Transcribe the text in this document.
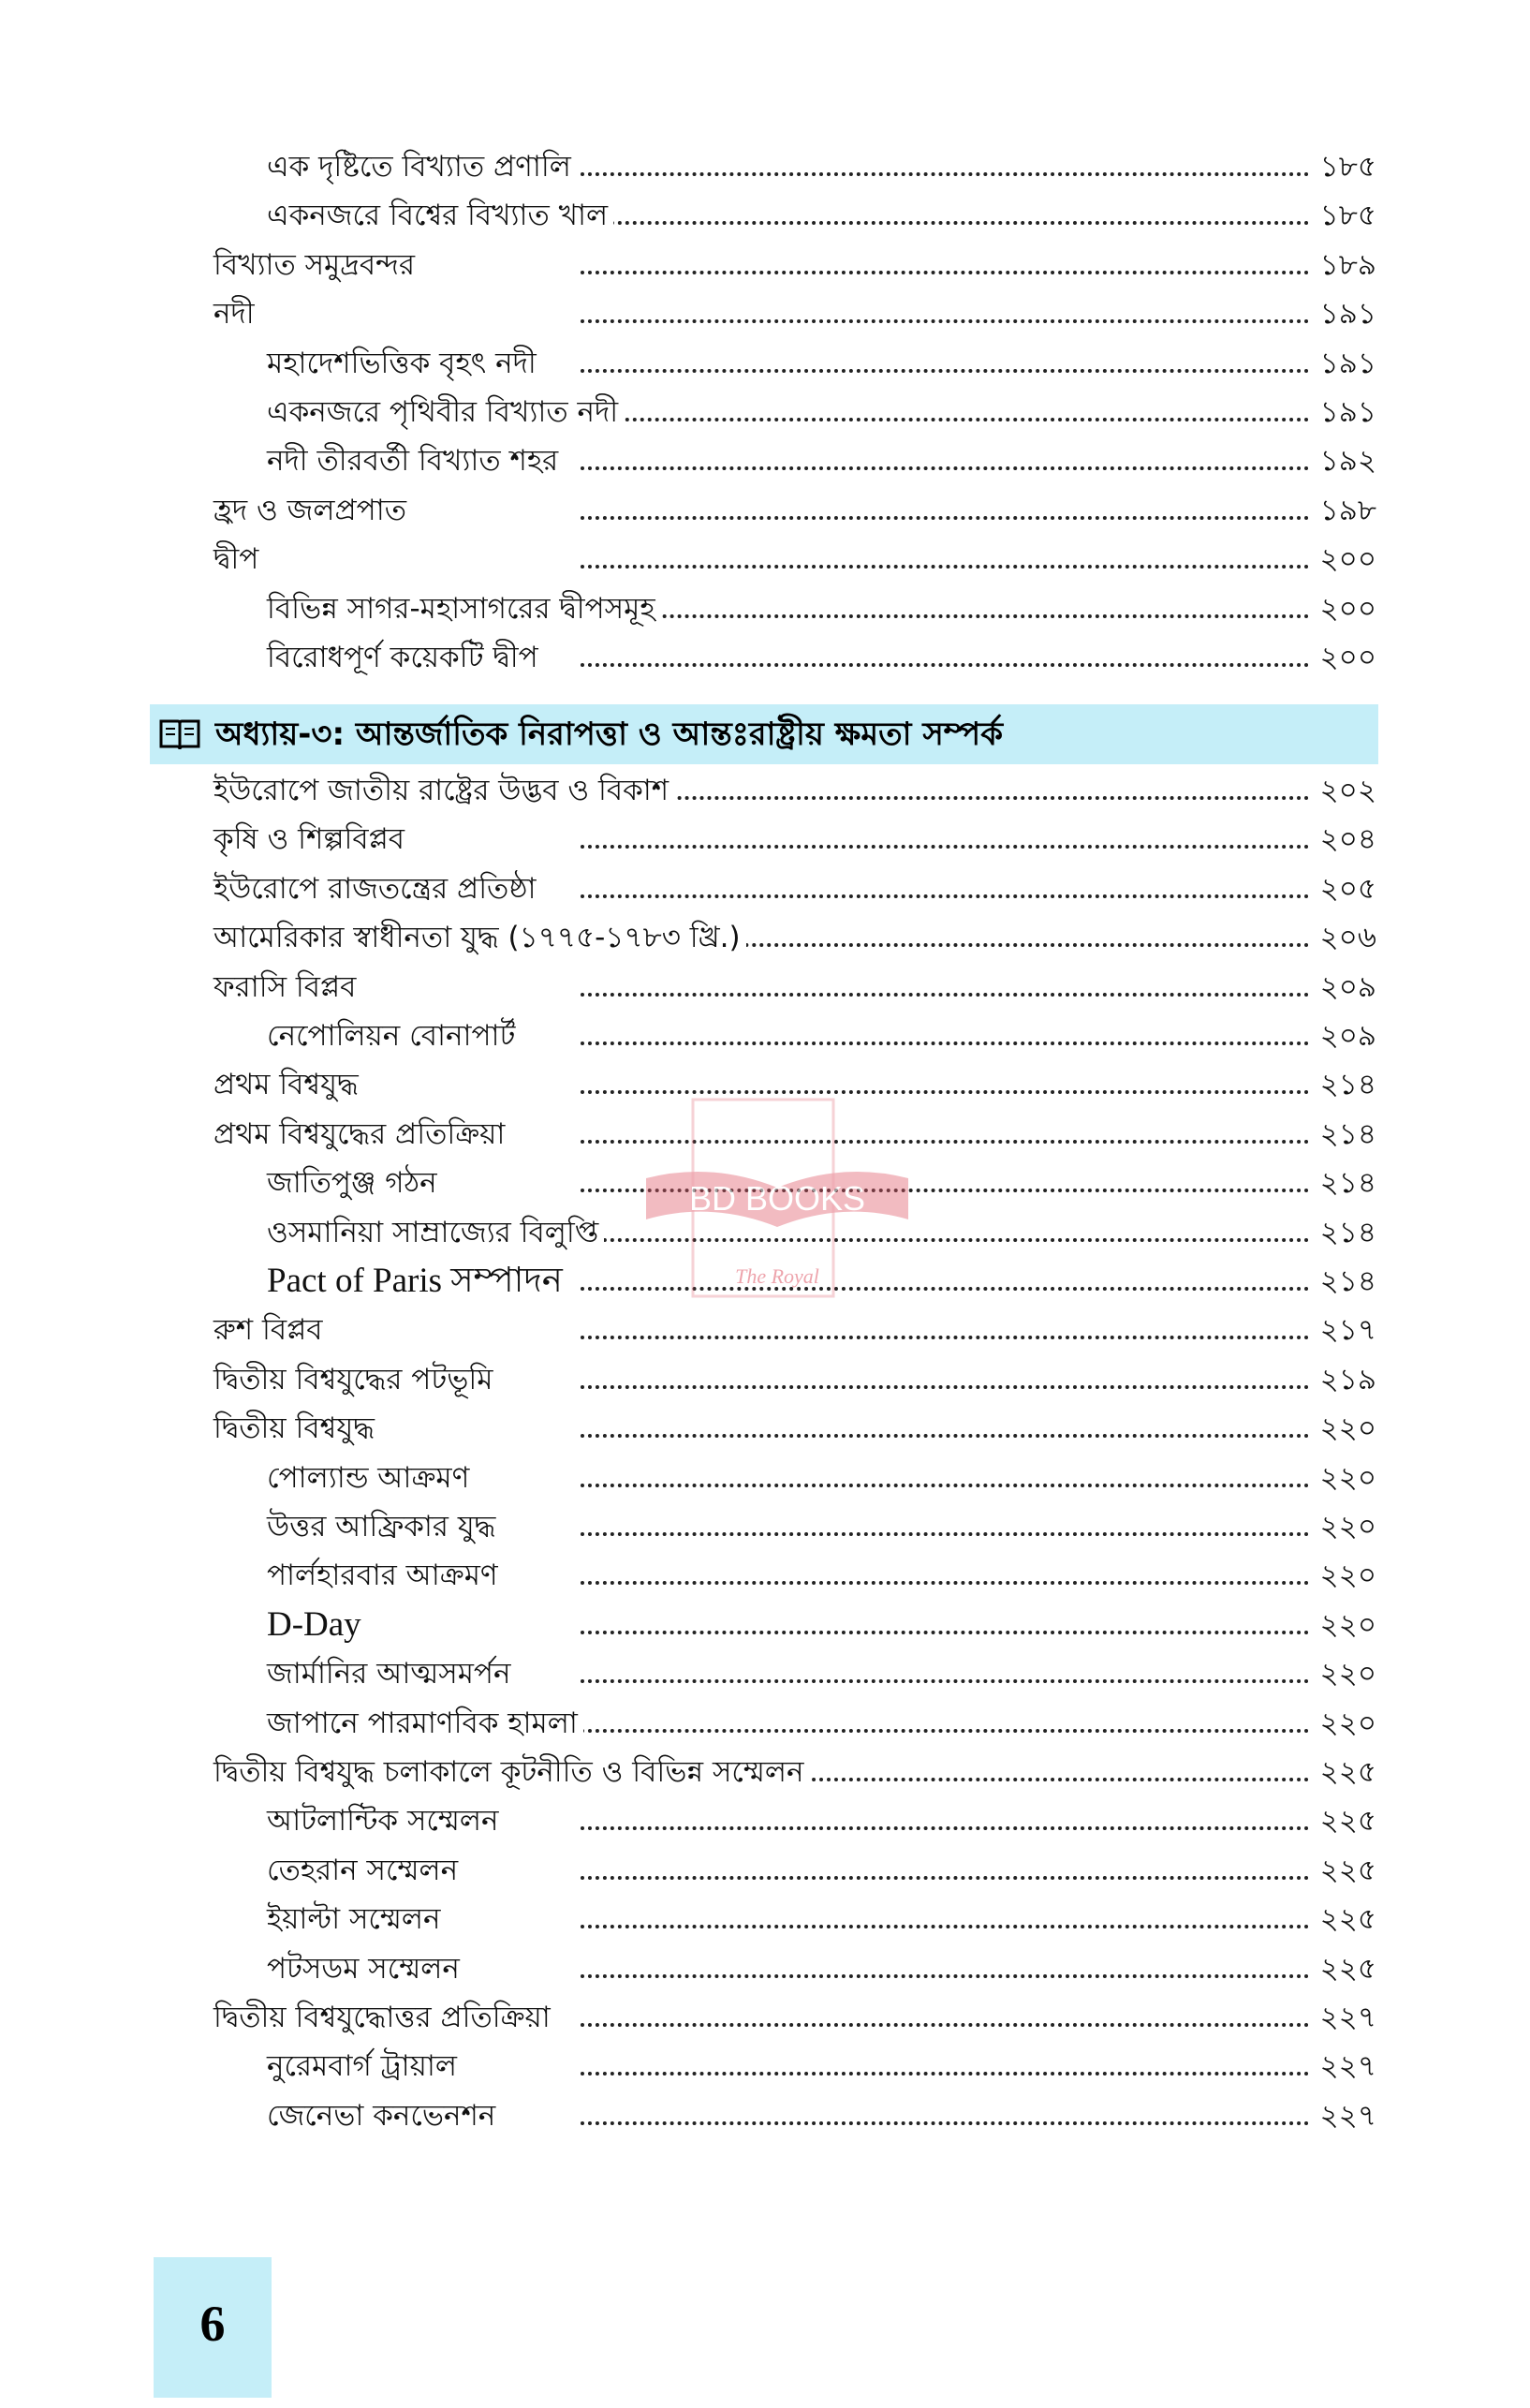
এক দৃষ্টিতে বিখ্যাত প্রণালি	১৮৫
একনজরে বিশ্বের বিখ্যাত খাল	১৮৫
বিখ্যাত সমুদ্রবন্দর	১৮৯
নদী	১৯১
মহাদেশভিত্তিক বৃহৎ নদী	১৯১
একনজরে পৃথিবীর বিখ্যাত নদী	১৯১
নদী তীরবর্তী বিখ্যাত শহর	১৯২
হ্রদ ও জলপ্রপাত	১৯৮
দ্বীপ	২০০
বিভিন্ন সাগর-মহাসাগরের দ্বীপসমূহ	২০০
বিরোধপূর্ণ কয়েকটি দ্বীপ	২০০
ইউরোপে জাতীয় রাষ্ট্রের উদ্ভব ও বিকাশ	২০২
কৃষি ও শিল্পবিপ্লব	২০৪
ইউরোপে রাজতন্ত্রের প্রতিষ্ঠা	২০৫
আমেরিকার স্বাধীনতা যুদ্ধ (১৭৭৫-১৭৮৩ খ্রি.)	২০৬
ফরাসি বিপ্লব	২০৯
নেপোলিয়ন বোনাপার্ট	২০৯
প্রথম বিশ্বযুদ্ধ	২১৪
প্রথম বিশ্বযুদ্ধের প্রতিক্রিয়া	২১৪
জাতিপুঞ্জ গঠন	২১৪
ওসমানিয়া সাম্রাজ্যের বিলুপ্তি	২১৪
Pact of Paris সম্পাদন	২১৪
রুশ বিপ্লব	২১৭
দ্বিতীয় বিশ্বযুদ্ধের পটভূমি	২১৯
দ্বিতীয় বিশ্বযুদ্ধ	২২০
পোল্যান্ড আক্রমণ	২২০
উত্তর আফ্রিকার যুদ্ধ	২২০
পার্লহারবার আক্রমণ	২২০
D-Day	২২০
জার্মানির আত্মসমর্পন	২২০
জাপানে পারমাণবিক হামলা	২২০
দ্বিতীয় বিশ্বযুদ্ধ চলাকালে কূটনীতি ও বিভিন্ন সম্মেলন	২২৫
আটলান্টিক সম্মেলন	২২৫
তেহরান সম্মেলন	২২৫
ইয়াল্টা সম্মেলন	২২৫
পটসডম সম্মেলন	২২৫
দ্বিতীয় বিশ্বযুদ্ধোত্তর প্রতিক্রিয়া	২২৭
নুরেমবার্গ ট্রায়াল	২২৭
জেনেভা কনভেনশন	২২৭
অধ্যায়-৩: আন্তর্জাতিক নিরাপত্তা ও আন্তঃরাষ্ট্রীয় ক্ষমতা সম্পর্ক
BD BOOKS
The Royal
6
